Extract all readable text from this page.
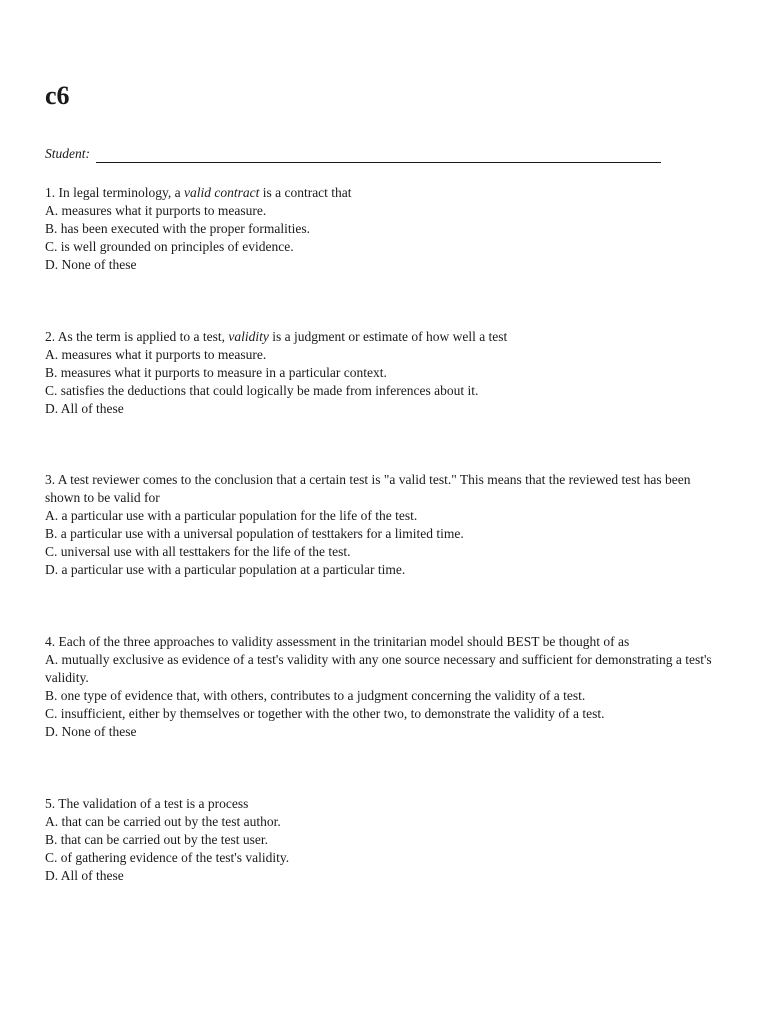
c6
Student:

1. In legal terminology, a valid contract is a contract that

A. measures what it purports to measure.

B. has been executed with the proper formalities.

C. is well grounded on principles of evidence.

D. None of these

2. As the term is applied to a test, validity is a judgment or estimate of how well a test

A. measures what it purports to measure.

B. measures what it purports to measure in a particular context.

C. satisfies the deductions that could logically be made from inferences about it.

D. All of these

3. A test reviewer comes to the conclusion that a certain test is "a valid test." This means that the reviewed test has been shown to be valid for

A. a particular use with a particular population for the life of the test.

B. a particular use with a universal population of testtakers for a limited time.

C. universal use with all testtakers for the life of the test.

D. a particular use with a particular population at a particular time.

4. Each of the three approaches to validity assessment in the trinitarian model should BEST be thought of as

A. mutually exclusive as evidence of a test's validity with any one source necessary and sufficient for demonstrating a test's validity.

B. one type of evidence that, with others, contributes to a judgment concerning the validity of a test.

C. insufficient, either by themselves or together with the other two, to demonstrate the validity of a test.

D. None of these

5. The validation of a test is a process

A. that can be carried out by the test author.

B. that can be carried out by the test user.

C. of gathering evidence of the test's validity.

D. All of these
